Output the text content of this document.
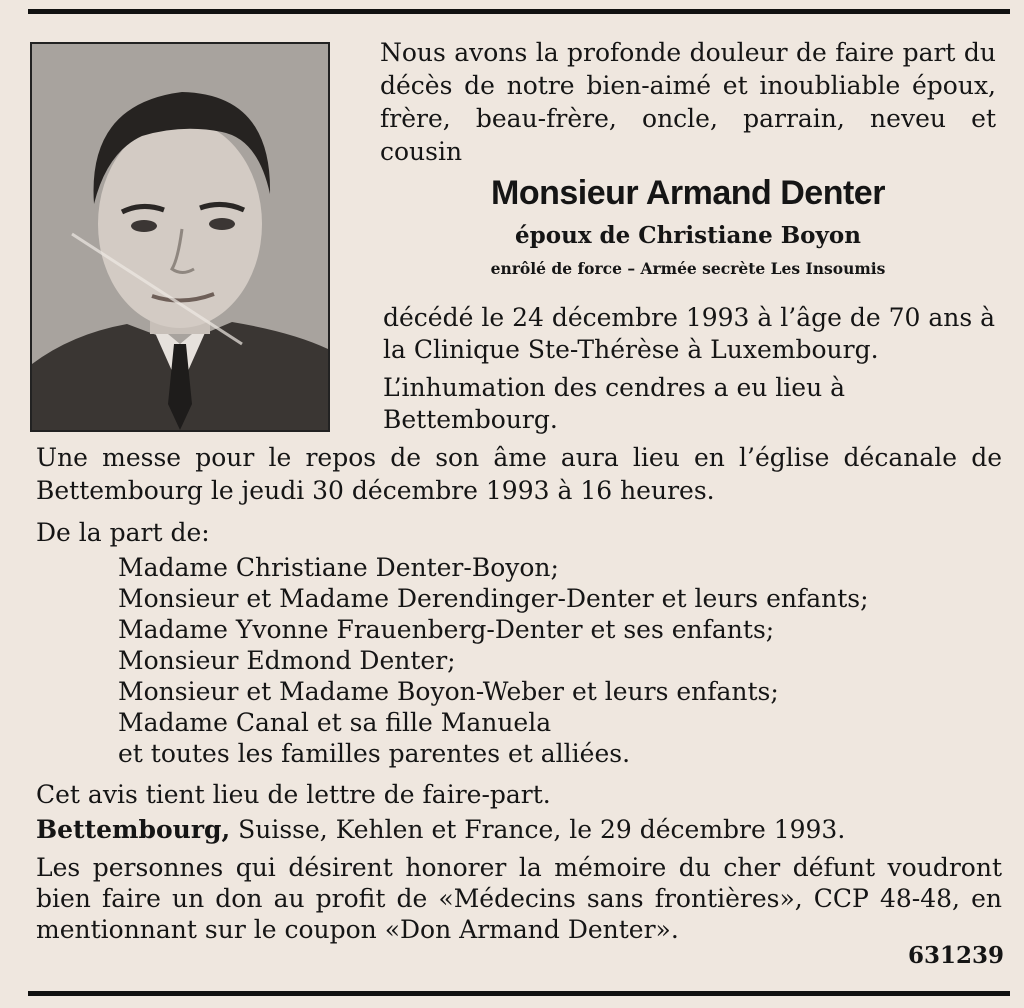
Nous avons la profonde douleur de faire part du décès de notre bien-aimé et inoubliable époux, frère, beau-frère, oncle, parrain, neveu et cousin

Monsieur Armand Denter

époux de Christiane Boyon

enrôlé de force – Armée secrète Les Insoumis

décédé le 24 décembre 1993 à l’âge de 70 ans à la Clinique Ste-Thérèse à Luxembourg.

L’inhumation des cendres a eu lieu à Bettembourg.

Une messe pour le repos de son âme aura lieu en l’église décanale de Bettembourg le jeudi 30 décembre 1993 à 16 heures.

De la part de:

Madame Christiane Denter-Boyon;
Monsieur et Madame Derendinger-Denter et leurs enfants;
Madame Yvonne Frauenberg-Denter et ses enfants;
Monsieur Edmond Denter;
Monsieur et Madame Boyon-Weber et leurs enfants;
Madame Canal et sa fille Manuela
et toutes les familles parentes et alliées.

Cet avis tient lieu de lettre de faire-part.

Bettembourg, Suisse, Kehlen et France, le 29 décembre 1993.

Les personnes qui désirent honorer la mémoire du cher défunt voudront bien faire un don au profit de «Médecins sans frontières», CCP 48-48, en mentionnant sur le coupon «Don Armand Denter».

631239
